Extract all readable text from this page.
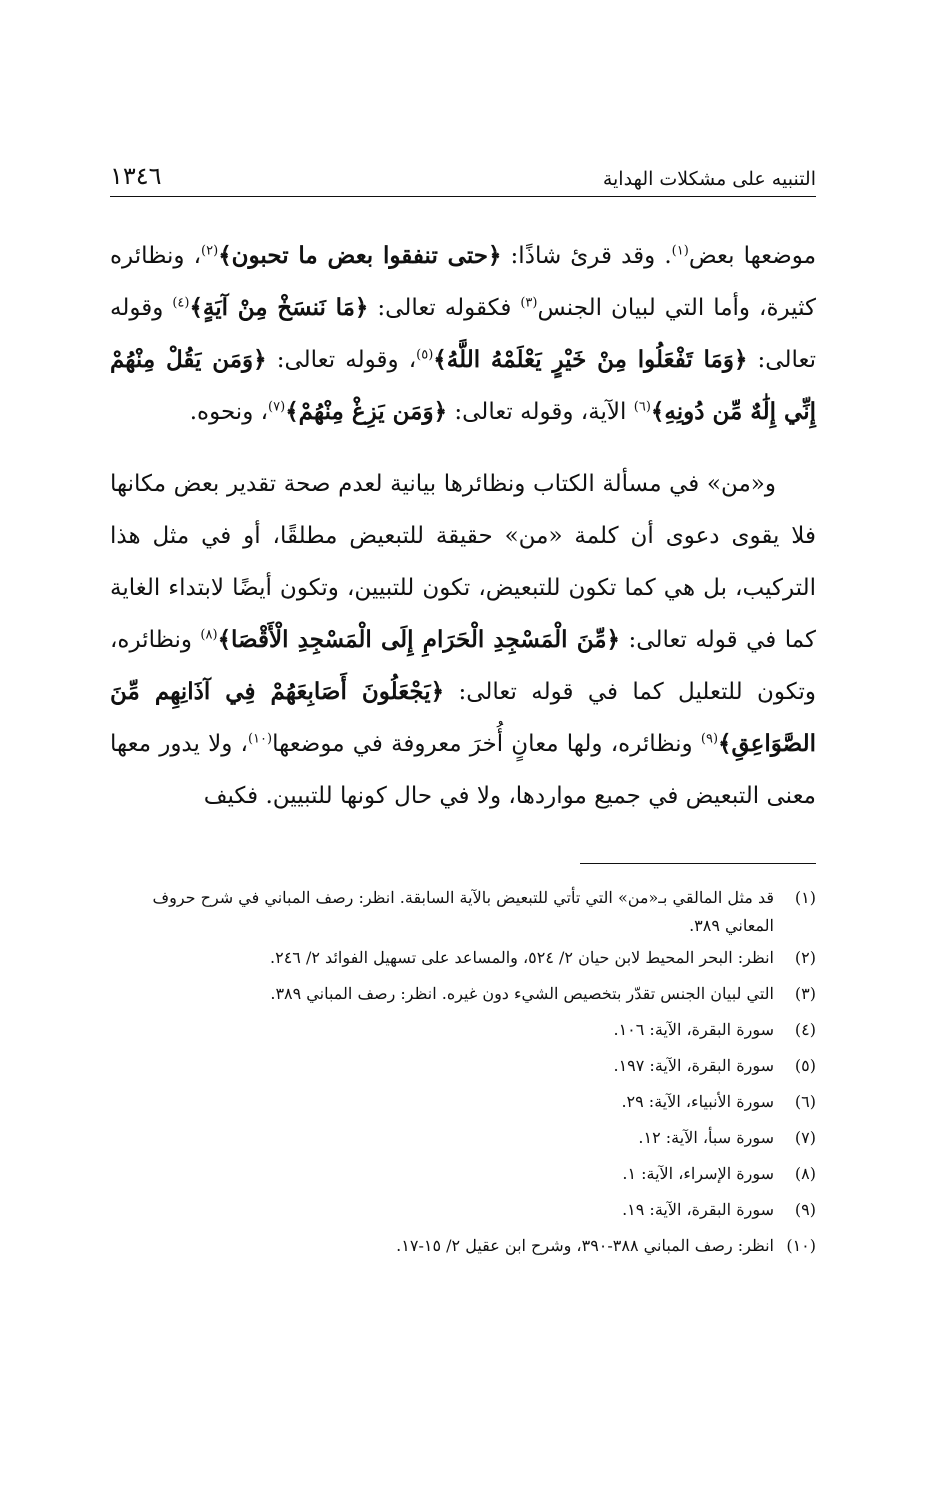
التنبيه على مشكلات الهداية
١٣٤٦

موضعها بعض$^{(١)}$. وقد قرئ شاذًا: ﴿حتى تنفقوا بعض ما تحبون﴾$^{(٢)}$، ونظائره كثيرة، وأما التي لبيان الجنس$^{(٣)}$ فكقوله تعالى: ﴿مَا نَنسَخْ مِنْ آيَةٍ﴾$^{(٤)}$ وقوله تعالى: ﴿وَمَا تَفْعَلُوا مِنْ خَيْرٍ يَعْلَمْهُ اللَّهُ﴾$^{(٥)}$، وقوله تعالى: ﴿وَمَن يَقُلْ مِنْهُمْ إِنِّي إِلَٰهٌ مِّن دُونِهِ﴾$^{(٦)}$ الآية، وقوله تعالى: ﴿وَمَن يَزِغْ مِنْهُمْ﴾$^{(٧)}$، ونحوه.

و«من» في مسألة الكتاب ونظائرها بيانية لعدم صحة تقدير بعض مكانها فلا يقوى دعوى أن كلمة «من» حقيقة للتبعيض مطلقًا، أو في مثل هذا التركيب، بل هي كما تكون للتبعيض، تكون للتبيين، وتكون أيضًا لابتداء الغاية كما في قوله تعالى: ﴿مِّنَ الْمَسْجِدِ الْحَرَامِ إِلَى الْمَسْجِدِ الْأَقْصَا﴾$^{(٨)}$ ونظائره، وتكون للتعليل كما في قوله تعالى: ﴿يَجْعَلُونَ أَصَابِعَهُمْ فِي آذَانِهِم مِّنَ الصَّوَاعِقِ﴾$^{(٩)}$ ونظائره، ولها معانٍ أُخرَ معروفة في موضعها$^{(١٠)}$، ولا يدور معها معنى التبعيض في جميع مواردها، ولا في حال كونها للتبيين. فكيف

(١)
قد مثل المالقي بـ«من» التي تأتي للتبعيض بالآية السابقة. انظر: رصف المباني في شرح حروف المعاني ٣٨٩.
(٢)
انظر: البحر المحيط لابن حيان ٢/ ٥٢٤، والمساعد على تسهيل الفوائد ٢/ ٢٤٦.
(٣)
التي لبيان الجنس تقدّر بتخصيص الشيء دون غيره. انظر: رصف المباني ٣٨٩.
(٤)
سورة البقرة، الآية: ١٠٦.
(٥)
سورة البقرة، الآية: ١٩٧.
(٦)
سورة الأنبياء، الآية: ٢٩.
(٧)
سورة سبأ، الآية: ١٢.
(٨)
سورة الإسراء، الآية: ١.
(٩)
سورة البقرة، الآية: ١٩.
(١٠)
انظر: رصف المباني ٣٨٨-٣٩٠، وشرح ابن عقيل ٢/ ١٥-١٧.
